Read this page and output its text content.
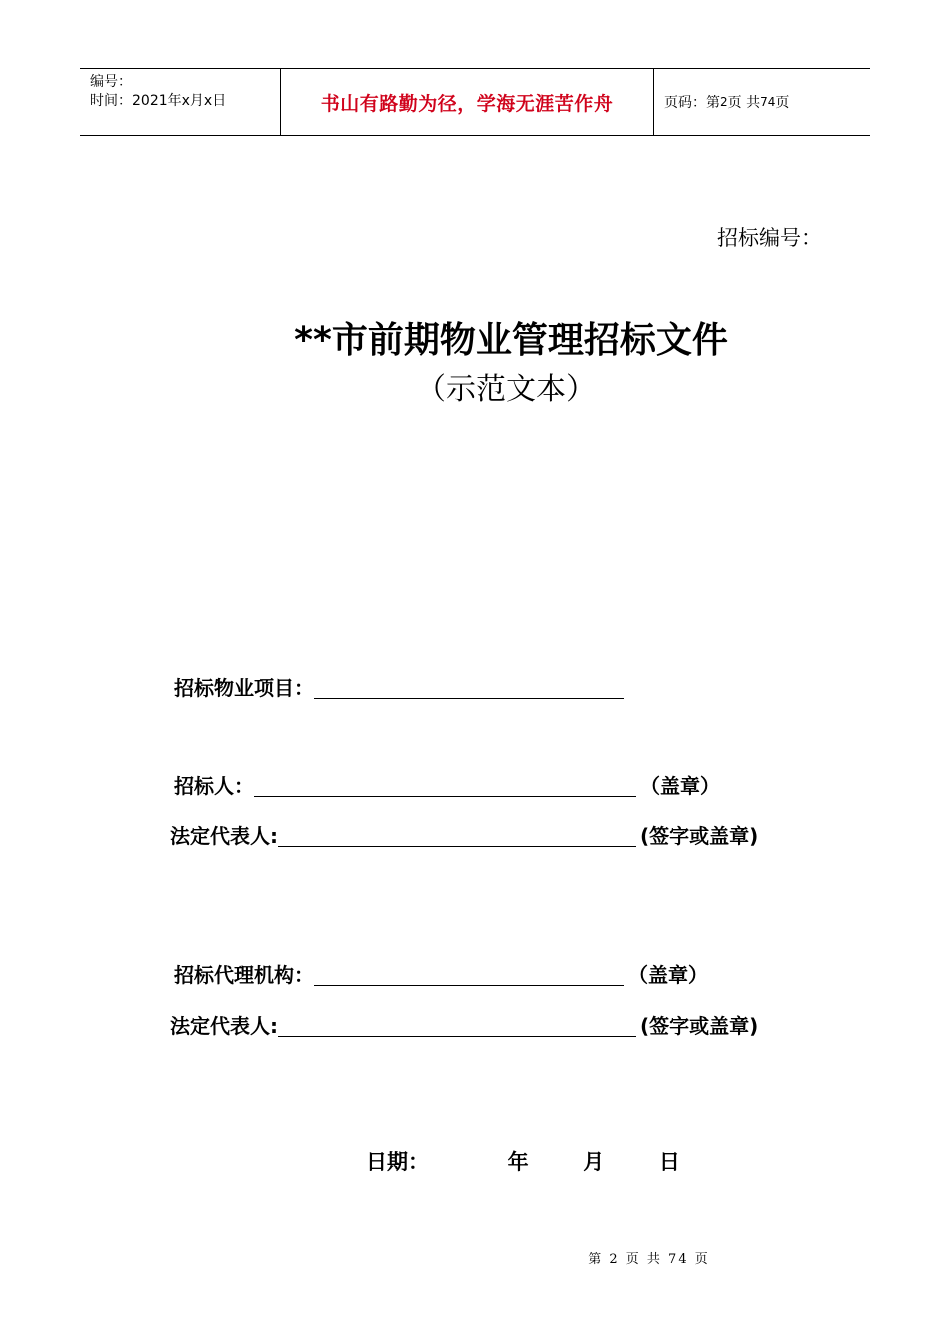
编号：
时间：2021年x月x日	书山有路勤为径，学海无涯苦作舟	页码：第 2 页 共 74 页
招标编号：
**市前期物业管理招标文件
（示范文本）
招标物业项目：
招标人：	（盖章）
法定代表人:	(签字或盖章)
招标代理机构：	（盖章）
法定代表人:	(签字或盖章)
日期：	年	月	日
第 2 页 共 74 页
